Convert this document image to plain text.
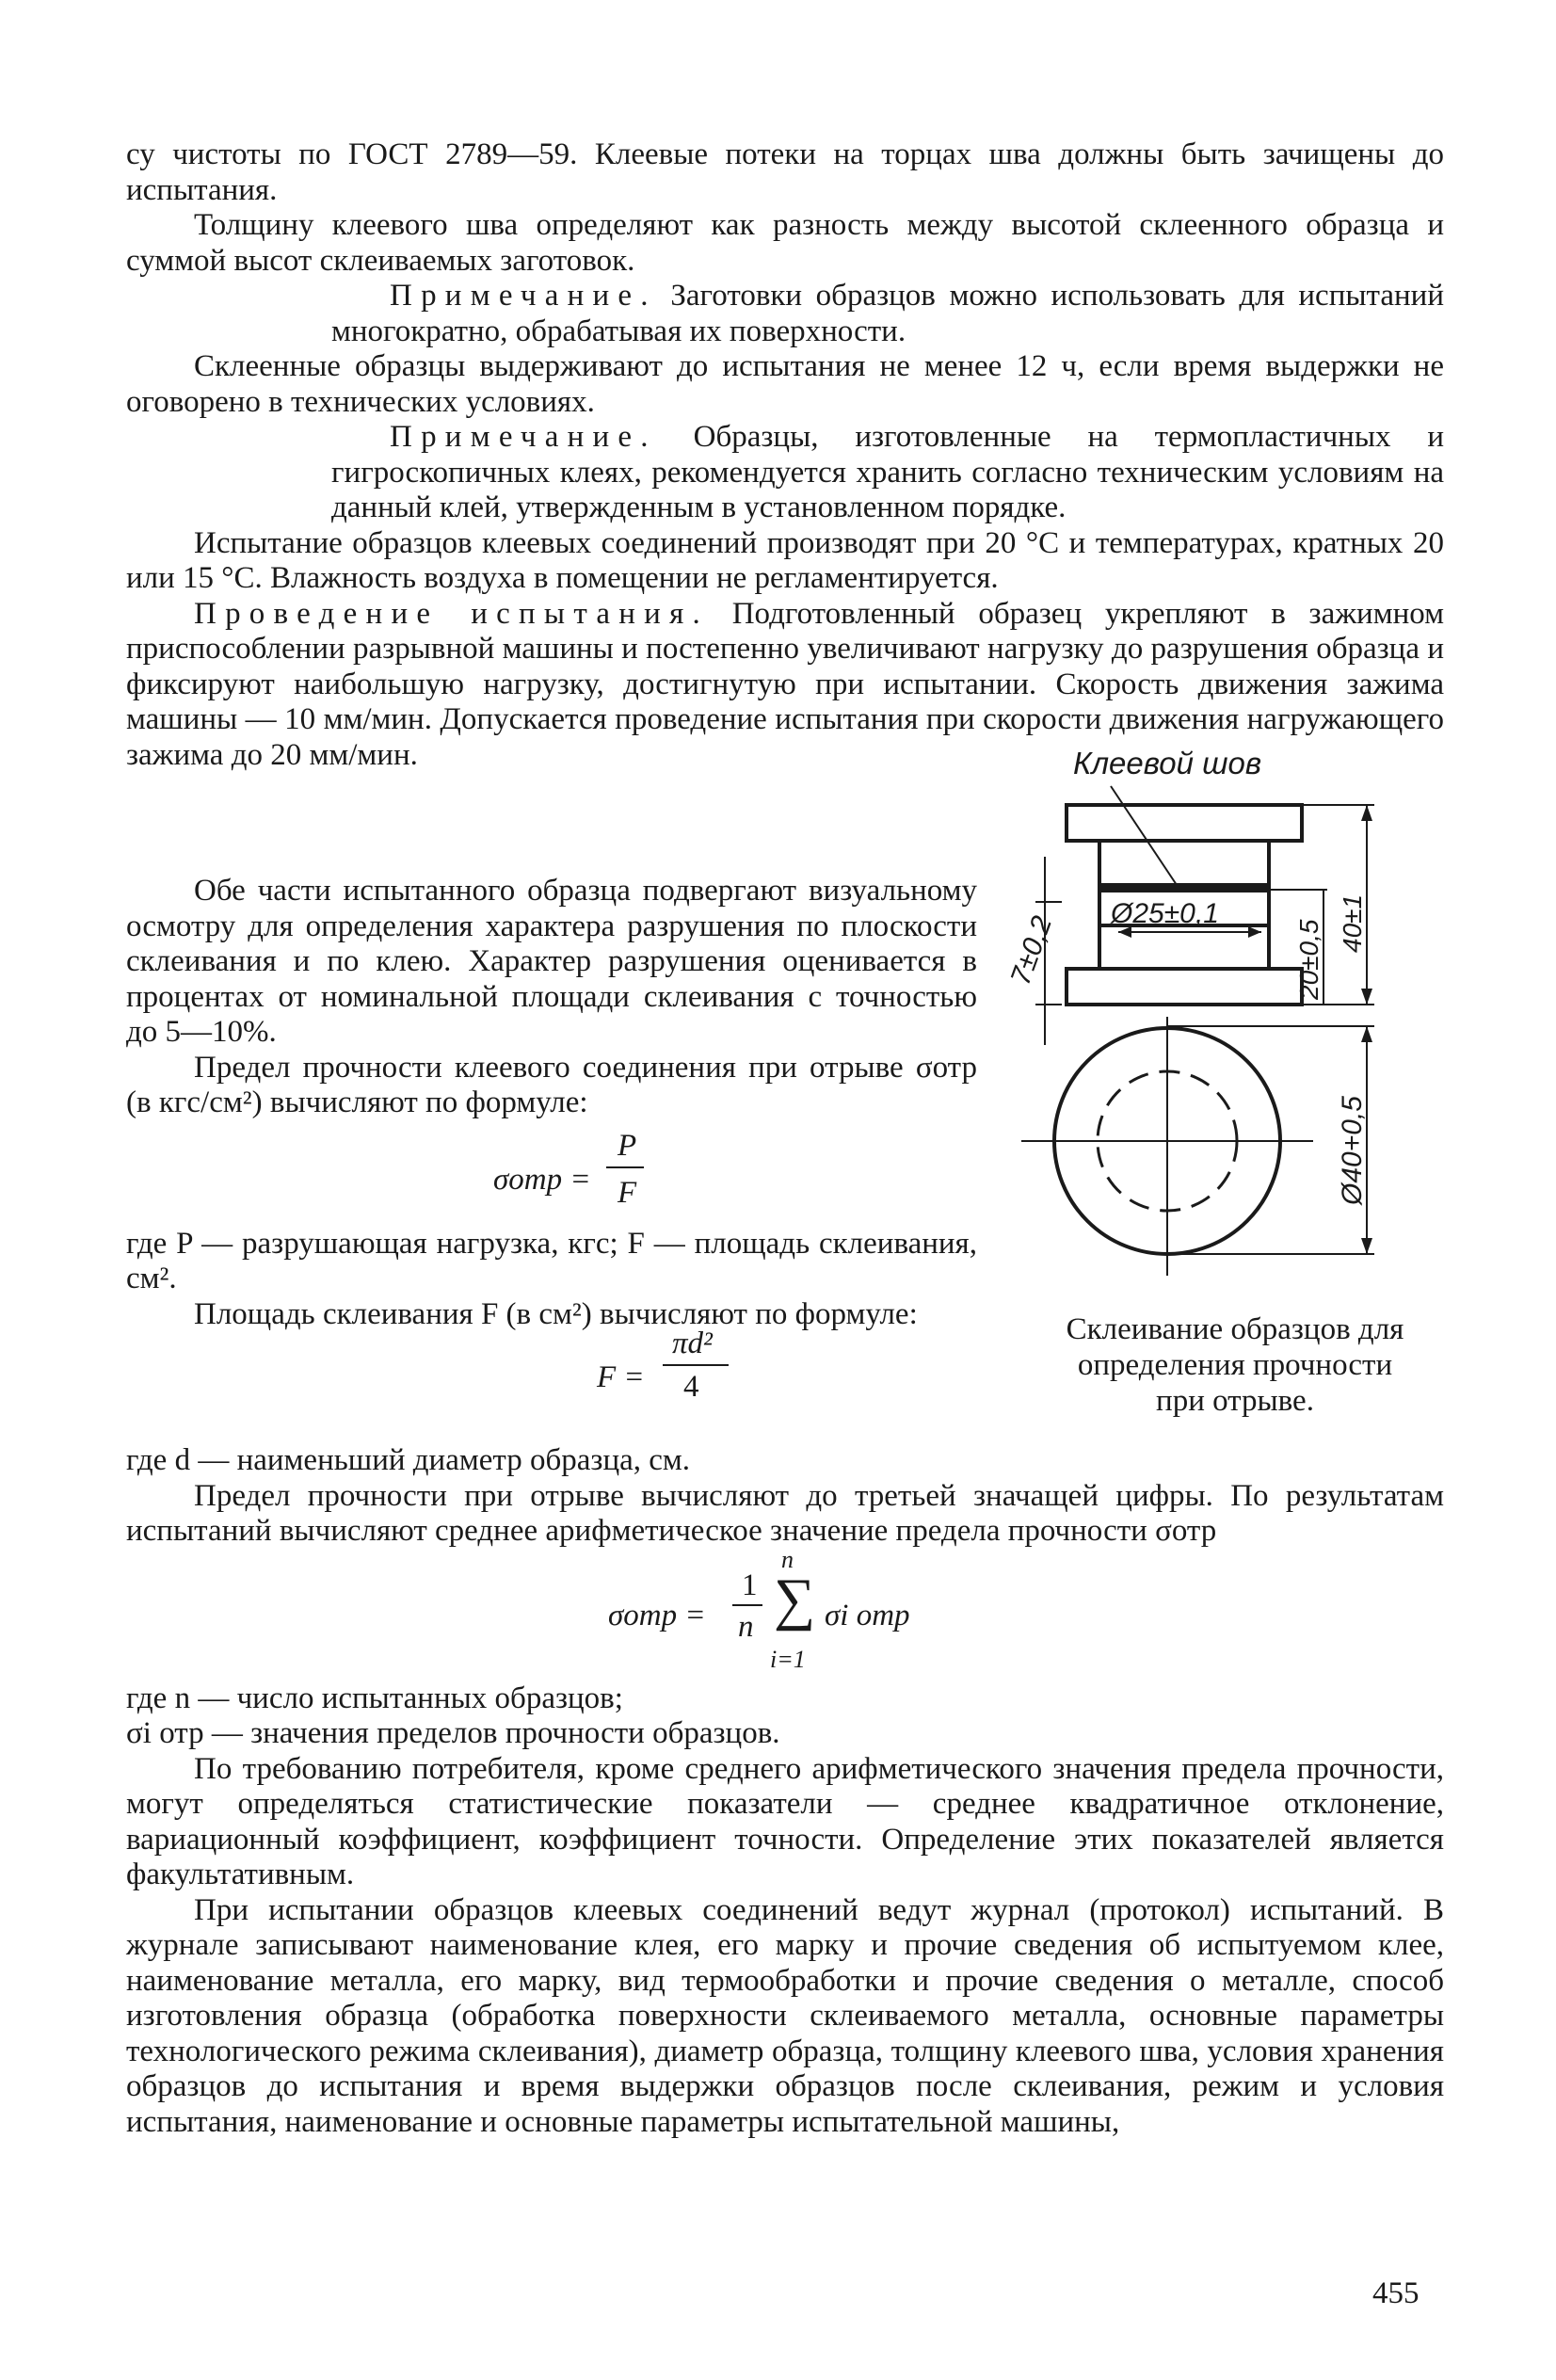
су чистоты по ГОСТ 2789—59. Клеевые потеки на торцах шва должны быть зачищены до испытания.

Толщину клеевого шва определяют как разность между высотой склеенного образца и суммой высот склеиваемых заготовок.

Примечание. Заготовки образцов можно использовать для испытаний многократно, обрабатывая их поверхности.

Склеенные образцы выдерживают до испытания не менее 12 ч, если время выдержки не оговорено в технических условиях.

Примечание. Образцы, изготовленные на термопластичных и гигроскопичных клеях, рекомендуется хранить согласно техническим условиям на данный клей, утвержденным в установленном порядке.

Испытание образцов клеевых соединений производят при 20 °С и температурах, кратных 20 или 15 °С. Влажность воздуха в помещении не регламентируется.

Проведение испытания. Подготовленный образец укрепляют в зажимном приспособлении разрывной машины и постепенно увеличивают нагрузку до разрушения образца и фиксируют наибольшую нагрузку, достигнутую при испытании. Скорость движения зажима машины — 10 мм/мин. Допускается проведение испытания при скорости движения нагружающего зажима до 20 мм/мин.

Обе части испытанного образца подвергают визуальному осмотру для определения характера разрушения по плоскости склеивания и по клею. Характер разрушения оценивается в процентах от номинальной площади склеивания с точностью до 5—10%.

Предел прочности клеевого соединения при отрыве σотр (в кгс/см²) вычисляют по формуле:

σотр =
P
F

где P — разрушающая нагрузка, кгс; F — площадь склеивания, см².

Площадь склеивания F (в см²) вычисляют по формуле:

F =
πd²
4
Клеевой шов
Ø25±0,1
7±0,2	20±0,5 40±1
Ø40+0,5
Склеивание образцов для
определения прочности
при отрыве.

где d — наименьший диаметр образца, см.

Предел прочности при отрыве вычисляют до третьей значащей цифры. По результатам испытаний вычисляют среднее арифметическое значение предела прочности σотр

σотр =
1
n
n
∑
i=1
σi отр

где n — число испытанных образцов;

σi отр — значения пределов прочности образцов.

По требованию потребителя, кроме среднего арифметического значения предела прочности, могут определяться статистические показатели — среднее квадратичное отклонение, вариационный коэффициент, коэффициент точности. Определение этих показателей является факультативным.

При испытании образцов клеевых соединений ведут журнал (протокол) испытаний. В журнале записывают наименование клея, его марку и прочие сведения об испытуемом клее, наименование металла, его марку, вид термообработки и прочие сведения о металле, способ изготовления образца (обработка поверхности склеиваемого металла, основные параметры технологического режима склеивания), диаметр образца, толщину клеевого шва, условия хранения образцов до испытания и время выдержки образцов после склеивания, режим и условия испытания, наименование и основные параметры испытательной машины,

455
